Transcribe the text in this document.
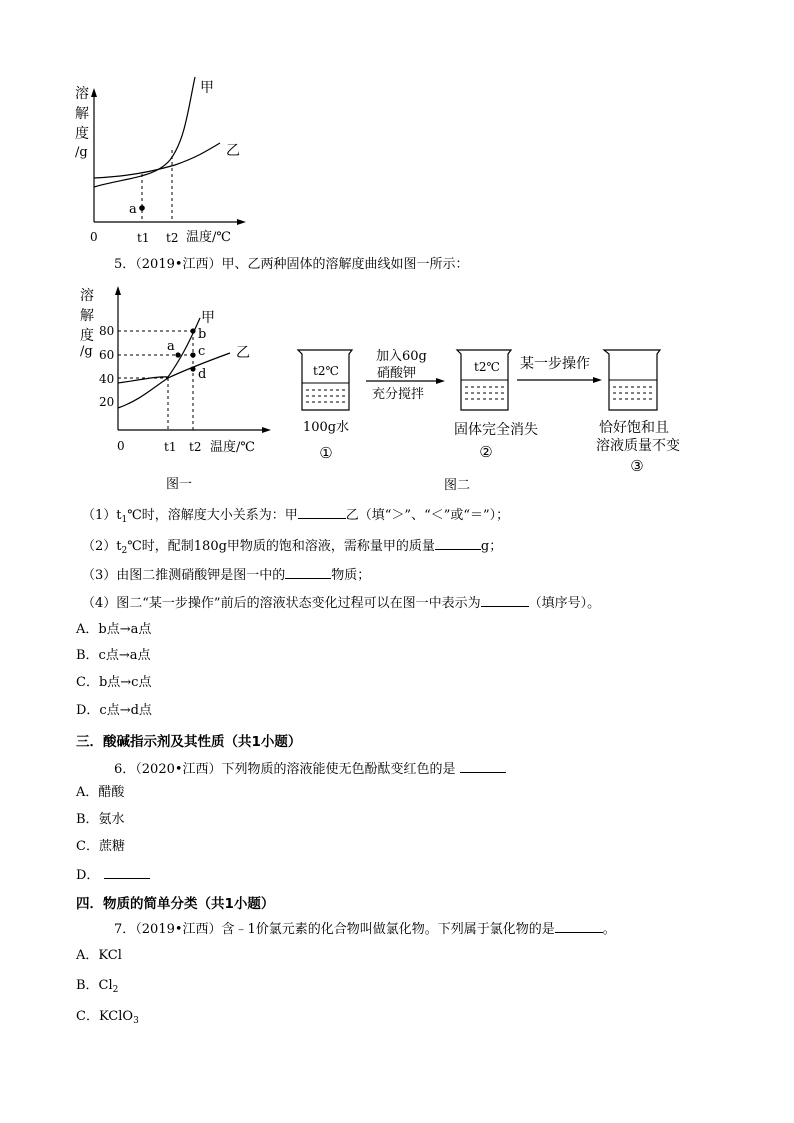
溶
解
度
/g
甲
乙
a
0	t1 t2 温度/℃
5．（2019•江西）甲、乙两种固体的溶解度曲线如图一所示：
a
b
c
d
甲
乙
溶
解
度
/g
80
60
40
20
0	t1 t2 温度/℃
图一
t2℃	t2℃
加入60g
硝酸钾
充分搅拌
某一步操作
100g水
①
固体完全消失
②
恰好饱和且
溶液质量不变
③
图二
$(1)t_1℃$时，溶解度大小关系为：甲	乙（填“＞”、“＜”或“＝”）；
$(2)t_2℃$时，配制180g甲物质的饱和溶液，需称量甲的质量	g；
（3）由图二推测硝酸钾是图一中的	物质；
（4）图二“某一步操作”前后的溶液状态变化过程可以在图一中表示为	（填序号）。
A．b点→a点
B．c点→a点
C．b点→c点
D．c点→d点
三．酸碱指示剂及其性质（共1小题）
6．（2020•江西）下列物质的溶液能使无色酚酞变红色的是
A．醋酸
B．氨水
C．蔗糖
D．
四．物质的简单分类（共1小题）
7．（2019•江西）含﹣1价氯元素的化合物叫做氯化物。下列属于氯化物的是	。
A．KCl
B．$Cl_2$
C．KClO$_3$
